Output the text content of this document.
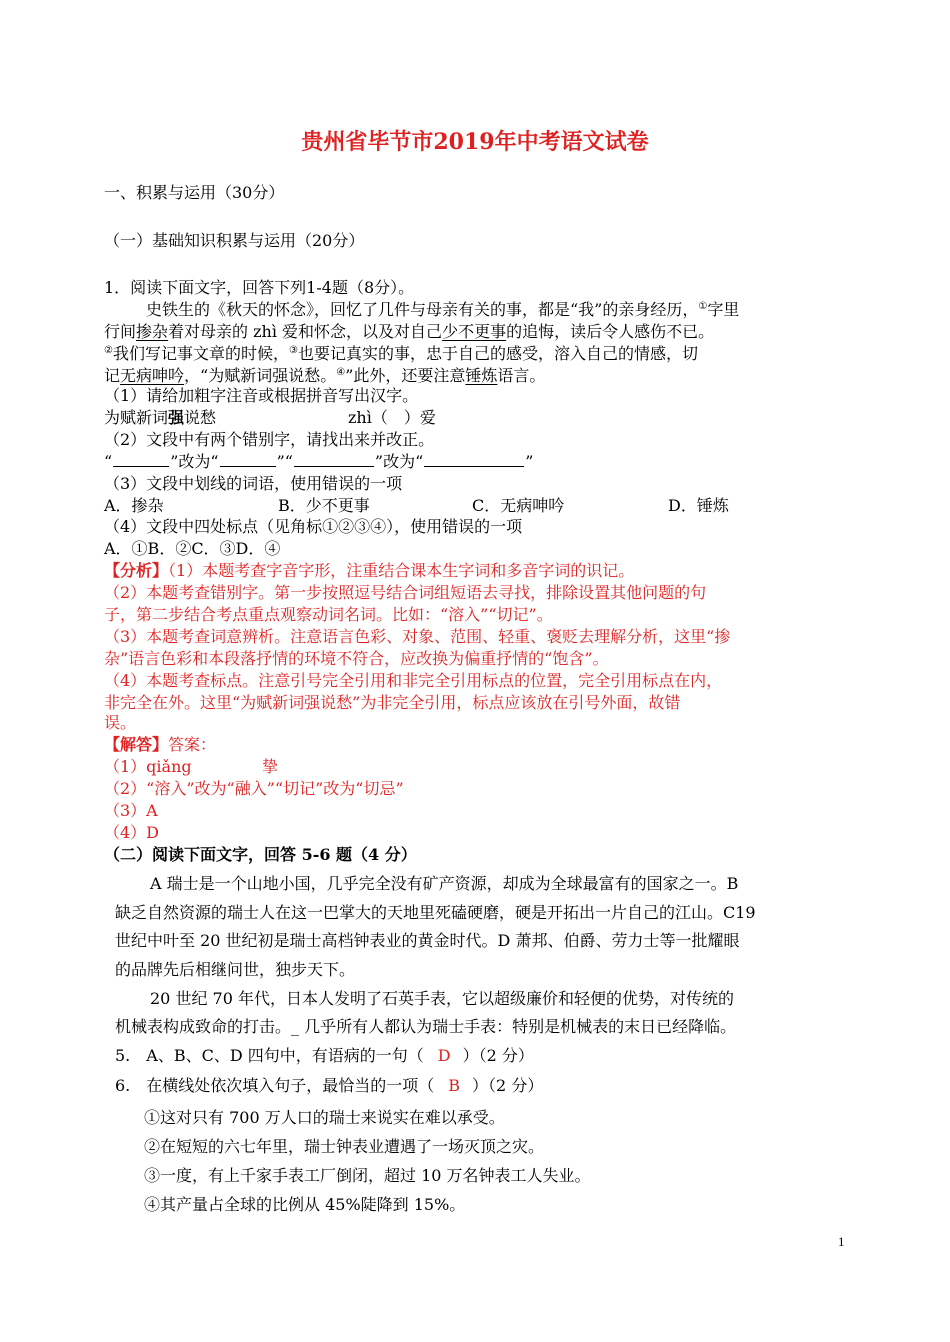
贵州省毕节市2019年中考语文试卷
一、积累与运用（30分）
（一）基础知识积累与运用（20分）
1．阅读下面文字，回答下列1-4题（8分）。
史铁生的《秋天的怀念》，回忆了几件与母亲有关的事，都是“我”的亲身经历，①字里
行间掺杂着对母亲的 zhì 爱和怀念，以及对自己少不更事的追悔，读后令人感伤不已。
②我们写记事文章的时候，③也要记真实的事，忠于自己的感受，溶入自己的情感，切
记无病呻吟，“为赋新词强说愁。④”此外，还要注意锤炼语言。
（1）请给加粗字注音或根据拼音写出汉字。
为赋新词强说愁	zhì（　）爱
（2）文段中有两个错别字，请找出来并改正。
“	”改为“	”“	”改为“	”
（3）文段中划线的词语，使用错误的一项
A．掺杂	B．少不更事	C．无病呻吟	D．锤炼
（4）文段中四处标点（见角标①②③④），使用错误的一项
A．①B．②C．③D．④
【分析】（1）本题考查字音字形，注重结合课本生字词和多音字词的识记。
（2）本题考查错别字。第一步按照逗号结合词组短语去寻找，排除设置其他问题的句
子，第二步结合考点重点观察动词名词。比如：“溶入”“切记”。
（3）本题考查词意辨析。注意语言色彩、对象、范围、轻重、褒贬去理解分析，这里“掺
杂”语言色彩和本段落抒情的环境不符合，应改换为偏重抒情的“饱含”。
（4）本题考查标点。注意引号完全引用和非完全引用标点的位置，完全引用标点在内，
非完全在外。这里“为赋新词强说愁”为非完全引用，标点应该放在引号外面，故错
误。
【解答】答案：
（1）qiǎng	挚
（2）“溶入”改为“融入”“切记”改为“切忌”
（3）A
（4）D
（二）阅读下面文字，回答 5-6 题（4 分）
A 瑞士是一个山地小国，几乎完全没有矿产资源，却成为全球最富有的国家之一。B
缺乏自然资源的瑞士人在这一巴掌大的天地里死磕硬磨，硬是开拓出一片自己的江山。C19
世纪中叶至 20 世纪初是瑞士高档钟表业的黄金时代。D 萧邦、伯爵、劳力士等一批耀眼
的品牌先后相继问世，独步天下。
20 世纪 70 年代，日本人发明了石英手表，它以超级廉价和轻便的优势，对传统的
机械表构成致命的打击。_ 几乎所有人都认为瑞士手表：特别是机械表的末日已经降临。
5.　A、B、C、D 四句中，有语病的一句（ D ）（2 分）
6.　在横线处依次填入句子，最恰当的一项（ B ）（2 分）
①这对只有 700 万人口的瑞士来说实在难以承受。
②在短短的六七年里，瑞士钟表业遭遇了一场灭顶之灾。
③一度，有上千家手表工厂倒闭，超过 10 万名钟表工人失业。
④其产量占全球的比例从 45%陡降到 15%。
1
